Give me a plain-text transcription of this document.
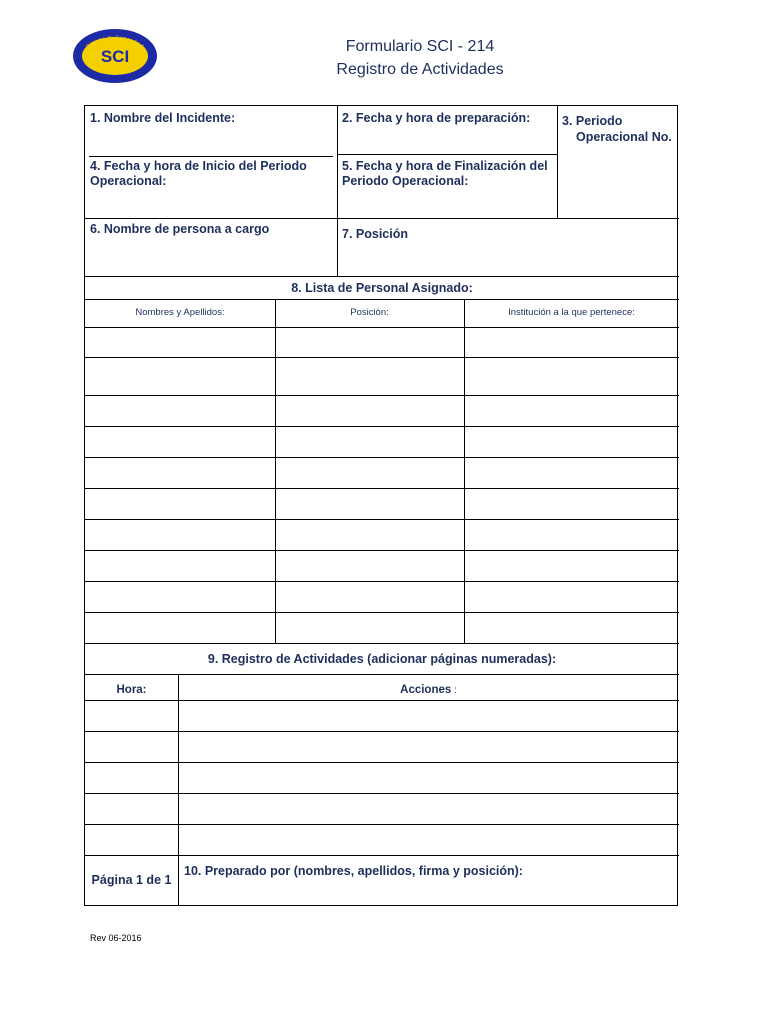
Sistema de Comando de
SCI
Formulario SCI - 214
Registro de Actividades
1. Nombre del Incidente:	2. Fecha y hora de preparación:	3. Periodo
Operacional No.
4. Fecha y hora de Inicio del Periodo
Operacional:
5. Fecha y hora de Finalización del
Periodo Operacional:
6. Nombre de persona a cargo	7. Posición
8. Lista de Personal Asignado:
Nombres y Apellidos:	Posición:	Institución a la que pertenece:
9. Registro de Actividades (adicionar páginas numeradas):
Hora:	Acciones :
Página 1 de 1
10. Preparado por (nombres, apellidos, firma y posición):
Rev 06-2016
